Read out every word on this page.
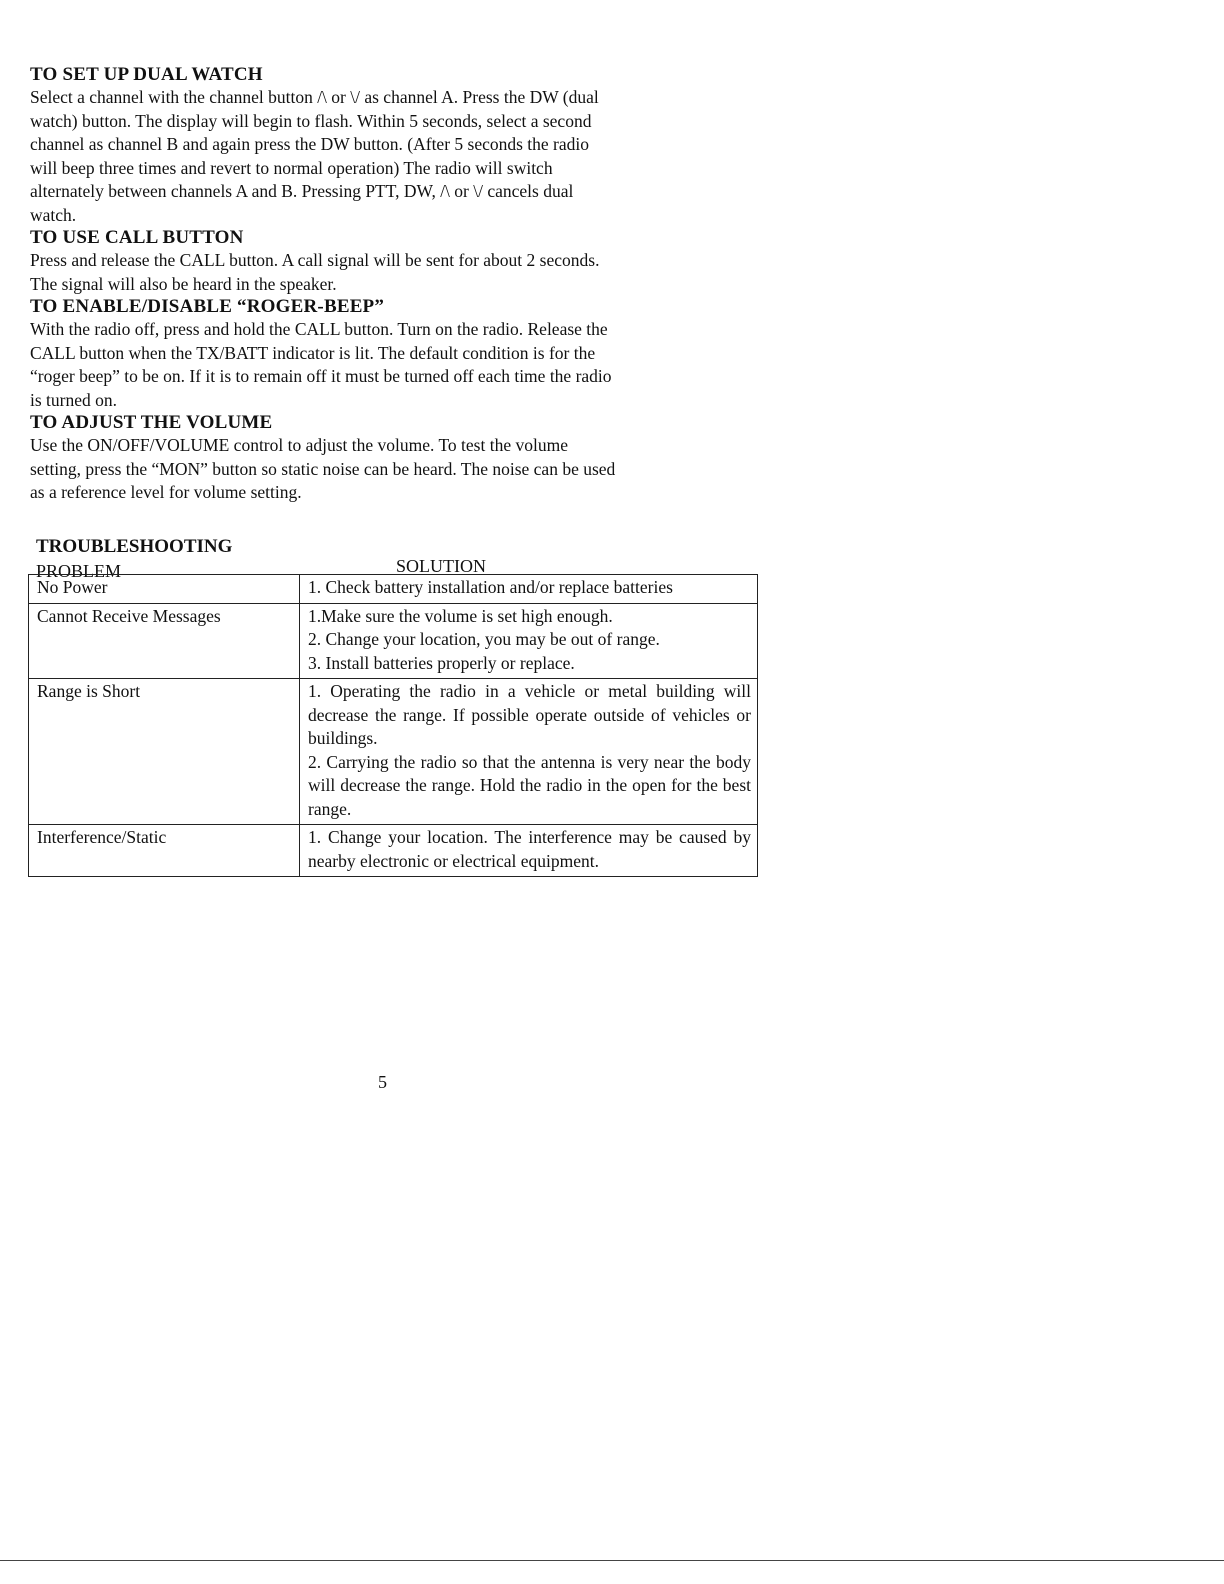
TO SET UP DUAL WATCH

Select a channel with the channel button /\ or \/ as channel A. Press the DW (dual
watch) button. The display will begin to flash. Within 5 seconds, select a second
channel as channel B and again press the DW button. (After 5 seconds the radio
will beep three times and revert to normal operation) The radio will switch
alternately between channels A and B. Pressing PTT, DW, /\ or \/ cancels dual
watch.

TO USE CALL BUTTON

Press and release the CALL button. A call signal will be sent for about 2 seconds.
The signal will also be heard in the speaker.

TO ENABLE/DISABLE “ROGER-BEEP”

With the radio off, press and hold the CALL button. Turn on the radio. Release the
CALL button when the TX/BATT indicator is lit. The default condition is for the
“roger beep” to be on. If it is to remain off it must be turned off each time the radio
is turned on.

TO ADJUST THE VOLUME

Use the ON/OFF/VOLUME control to adjust the volume. To test the volume
setting, press the “MON” button so static noise can be heard. The noise can be used
as a reference level for volume setting.

TROUBLESHOOTING
PROBLEM	SOLUTION
No Power	1. Check battery installation and/or replace batteries

Cannot Receive Messages	1.Make sure the volume is set high enough.
2. Change your location, you may be out of range.
3. Install batteries properly or replace.

Range is Short	1. Operating the radio in a vehicle or metal building will decrease the range. If possible operate outside of vehicles or buildings.
2. Carrying the radio so that the antenna is very near the body will decrease the range. Hold the radio in the open for the best range.

Interference/Static	1. Change your location. The interference may be caused by nearby electronic or electrical equipment.
5
